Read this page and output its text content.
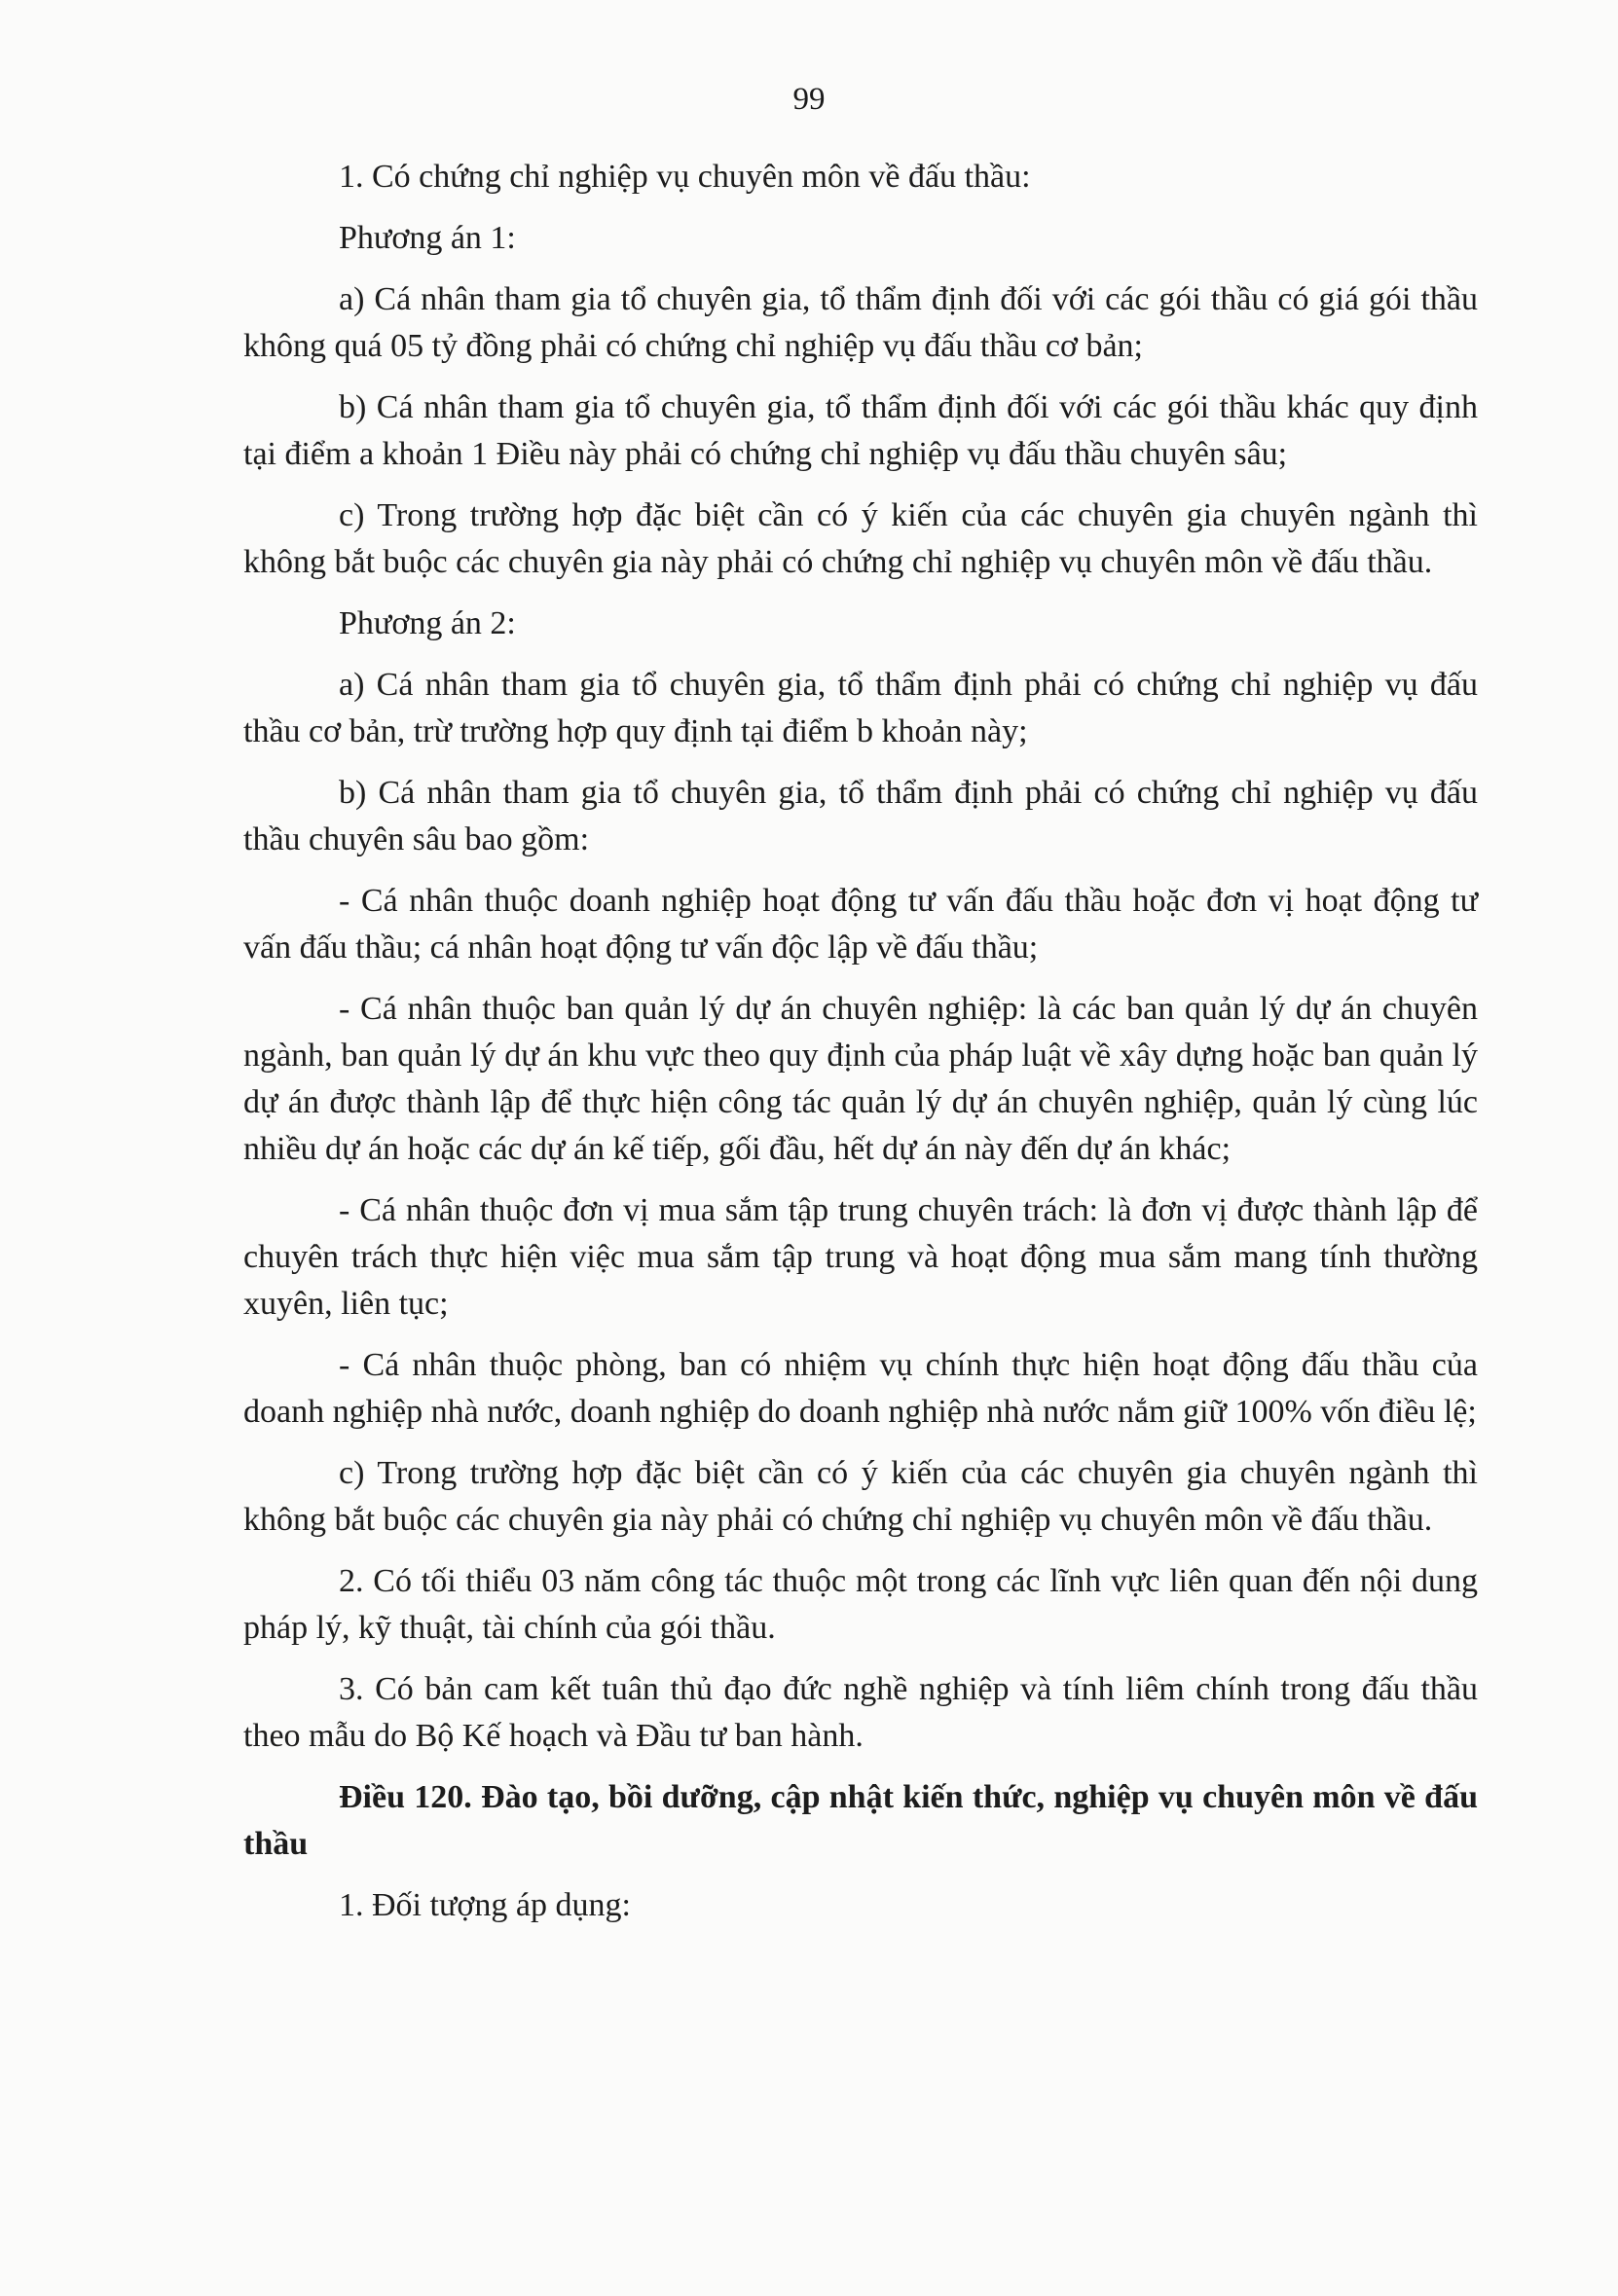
99

1. Có chứng chỉ nghiệp vụ chuyên môn về đấu thầu:

Phương án 1:

a) Cá nhân tham gia tổ chuyên gia, tổ thẩm định đối với các gói thầu có giá gói thầu không quá 05 tỷ đồng phải có chứng chỉ nghiệp vụ đấu thầu cơ bản;

b) Cá nhân tham gia tổ chuyên gia, tổ thẩm định đối với các gói thầu khác quy định tại điểm a khoản 1 Điều này phải có chứng chỉ nghiệp vụ đấu thầu chuyên sâu;

c) Trong trường hợp đặc biệt cần có ý kiến của các chuyên gia chuyên ngành thì không bắt buộc các chuyên gia này phải có chứng chỉ nghiệp vụ chuyên môn về đấu thầu.

Phương án 2:

a) Cá nhân tham gia tổ chuyên gia, tổ thẩm định phải có chứng chỉ nghiệp vụ đấu thầu cơ bản, trừ trường hợp quy định tại điểm b khoản này;

b) Cá nhân tham gia tổ chuyên gia, tổ thẩm định phải có chứng chỉ nghiệp vụ đấu thầu chuyên sâu bao gồm:

- Cá nhân thuộc doanh nghiệp hoạt động tư vấn đấu thầu hoặc đơn vị hoạt động tư vấn đấu thầu; cá nhân hoạt động tư vấn độc lập về đấu thầu;

- Cá nhân thuộc ban quản lý dự án chuyên nghiệp: là các ban quản lý dự án chuyên ngành, ban quản lý dự án khu vực theo quy định của pháp luật về xây dựng hoặc ban quản lý dự án được thành lập để thực hiện công tác quản lý dự án chuyên nghiệp, quản lý cùng lúc nhiều dự án hoặc các dự án kế tiếp, gối đầu, hết dự án này đến dự án khác;

- Cá nhân thuộc đơn vị mua sắm tập trung chuyên trách: là đơn vị được thành lập để chuyên trách thực hiện việc mua sắm tập trung và hoạt động mua sắm mang tính thường xuyên, liên tục;

- Cá nhân thuộc phòng, ban có nhiệm vụ chính thực hiện hoạt động đấu thầu của doanh nghiệp nhà nước, doanh nghiệp do doanh nghiệp nhà nước nắm giữ 100% vốn điều lệ;

c) Trong trường hợp đặc biệt cần có ý kiến của các chuyên gia chuyên ngành thì không bắt buộc các chuyên gia này phải có chứng chỉ nghiệp vụ chuyên môn về đấu thầu.

2. Có tối thiểu 03 năm công tác thuộc một trong các lĩnh vực liên quan đến nội dung pháp lý, kỹ thuật, tài chính của gói thầu.

3. Có bản cam kết tuân thủ đạo đức nghề nghiệp và tính liêm chính trong đấu thầu theo mẫu do Bộ Kế hoạch và Đầu tư ban hành.

Điều 120. Đào tạo, bồi dưỡng, cập nhật kiến thức, nghiệp vụ chuyên môn về đấu thầu

1. Đối tượng áp dụng:
